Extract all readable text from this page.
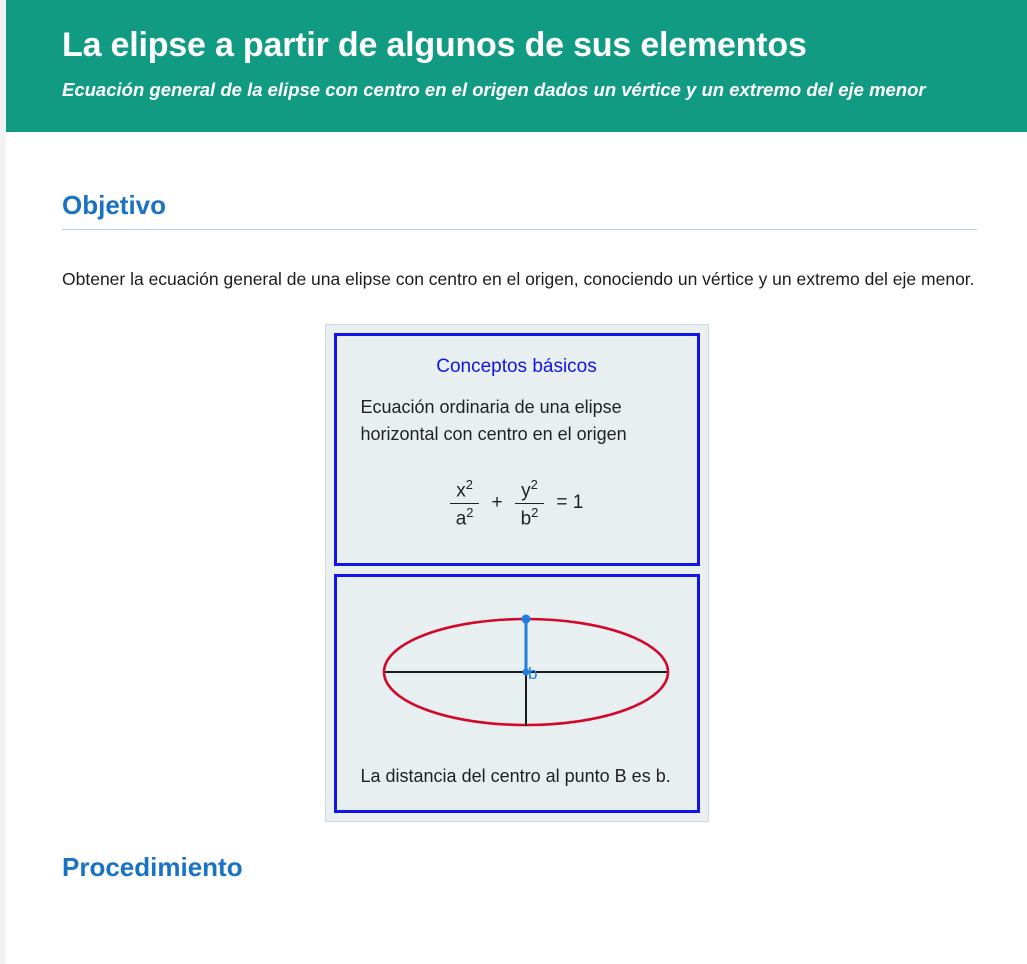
La elipse a partir de algunos de sus elementos

Ecuación general de la elipse con centro en el origen dados un vértice y un extremo del eje menor

Objetivo

Obtener la ecuación general de una elipse con centro en el origen, conociendo un vértice y un extremo del eje menor.

Conceptos básicos

Ecuación ordinaria de una elipse horizontal con centro en el origen

$\frac{x^2}{a^2} + \frac{y^2}{b^2} = 1$
b

La distancia del centro al punto B es b.

Procedimiento
